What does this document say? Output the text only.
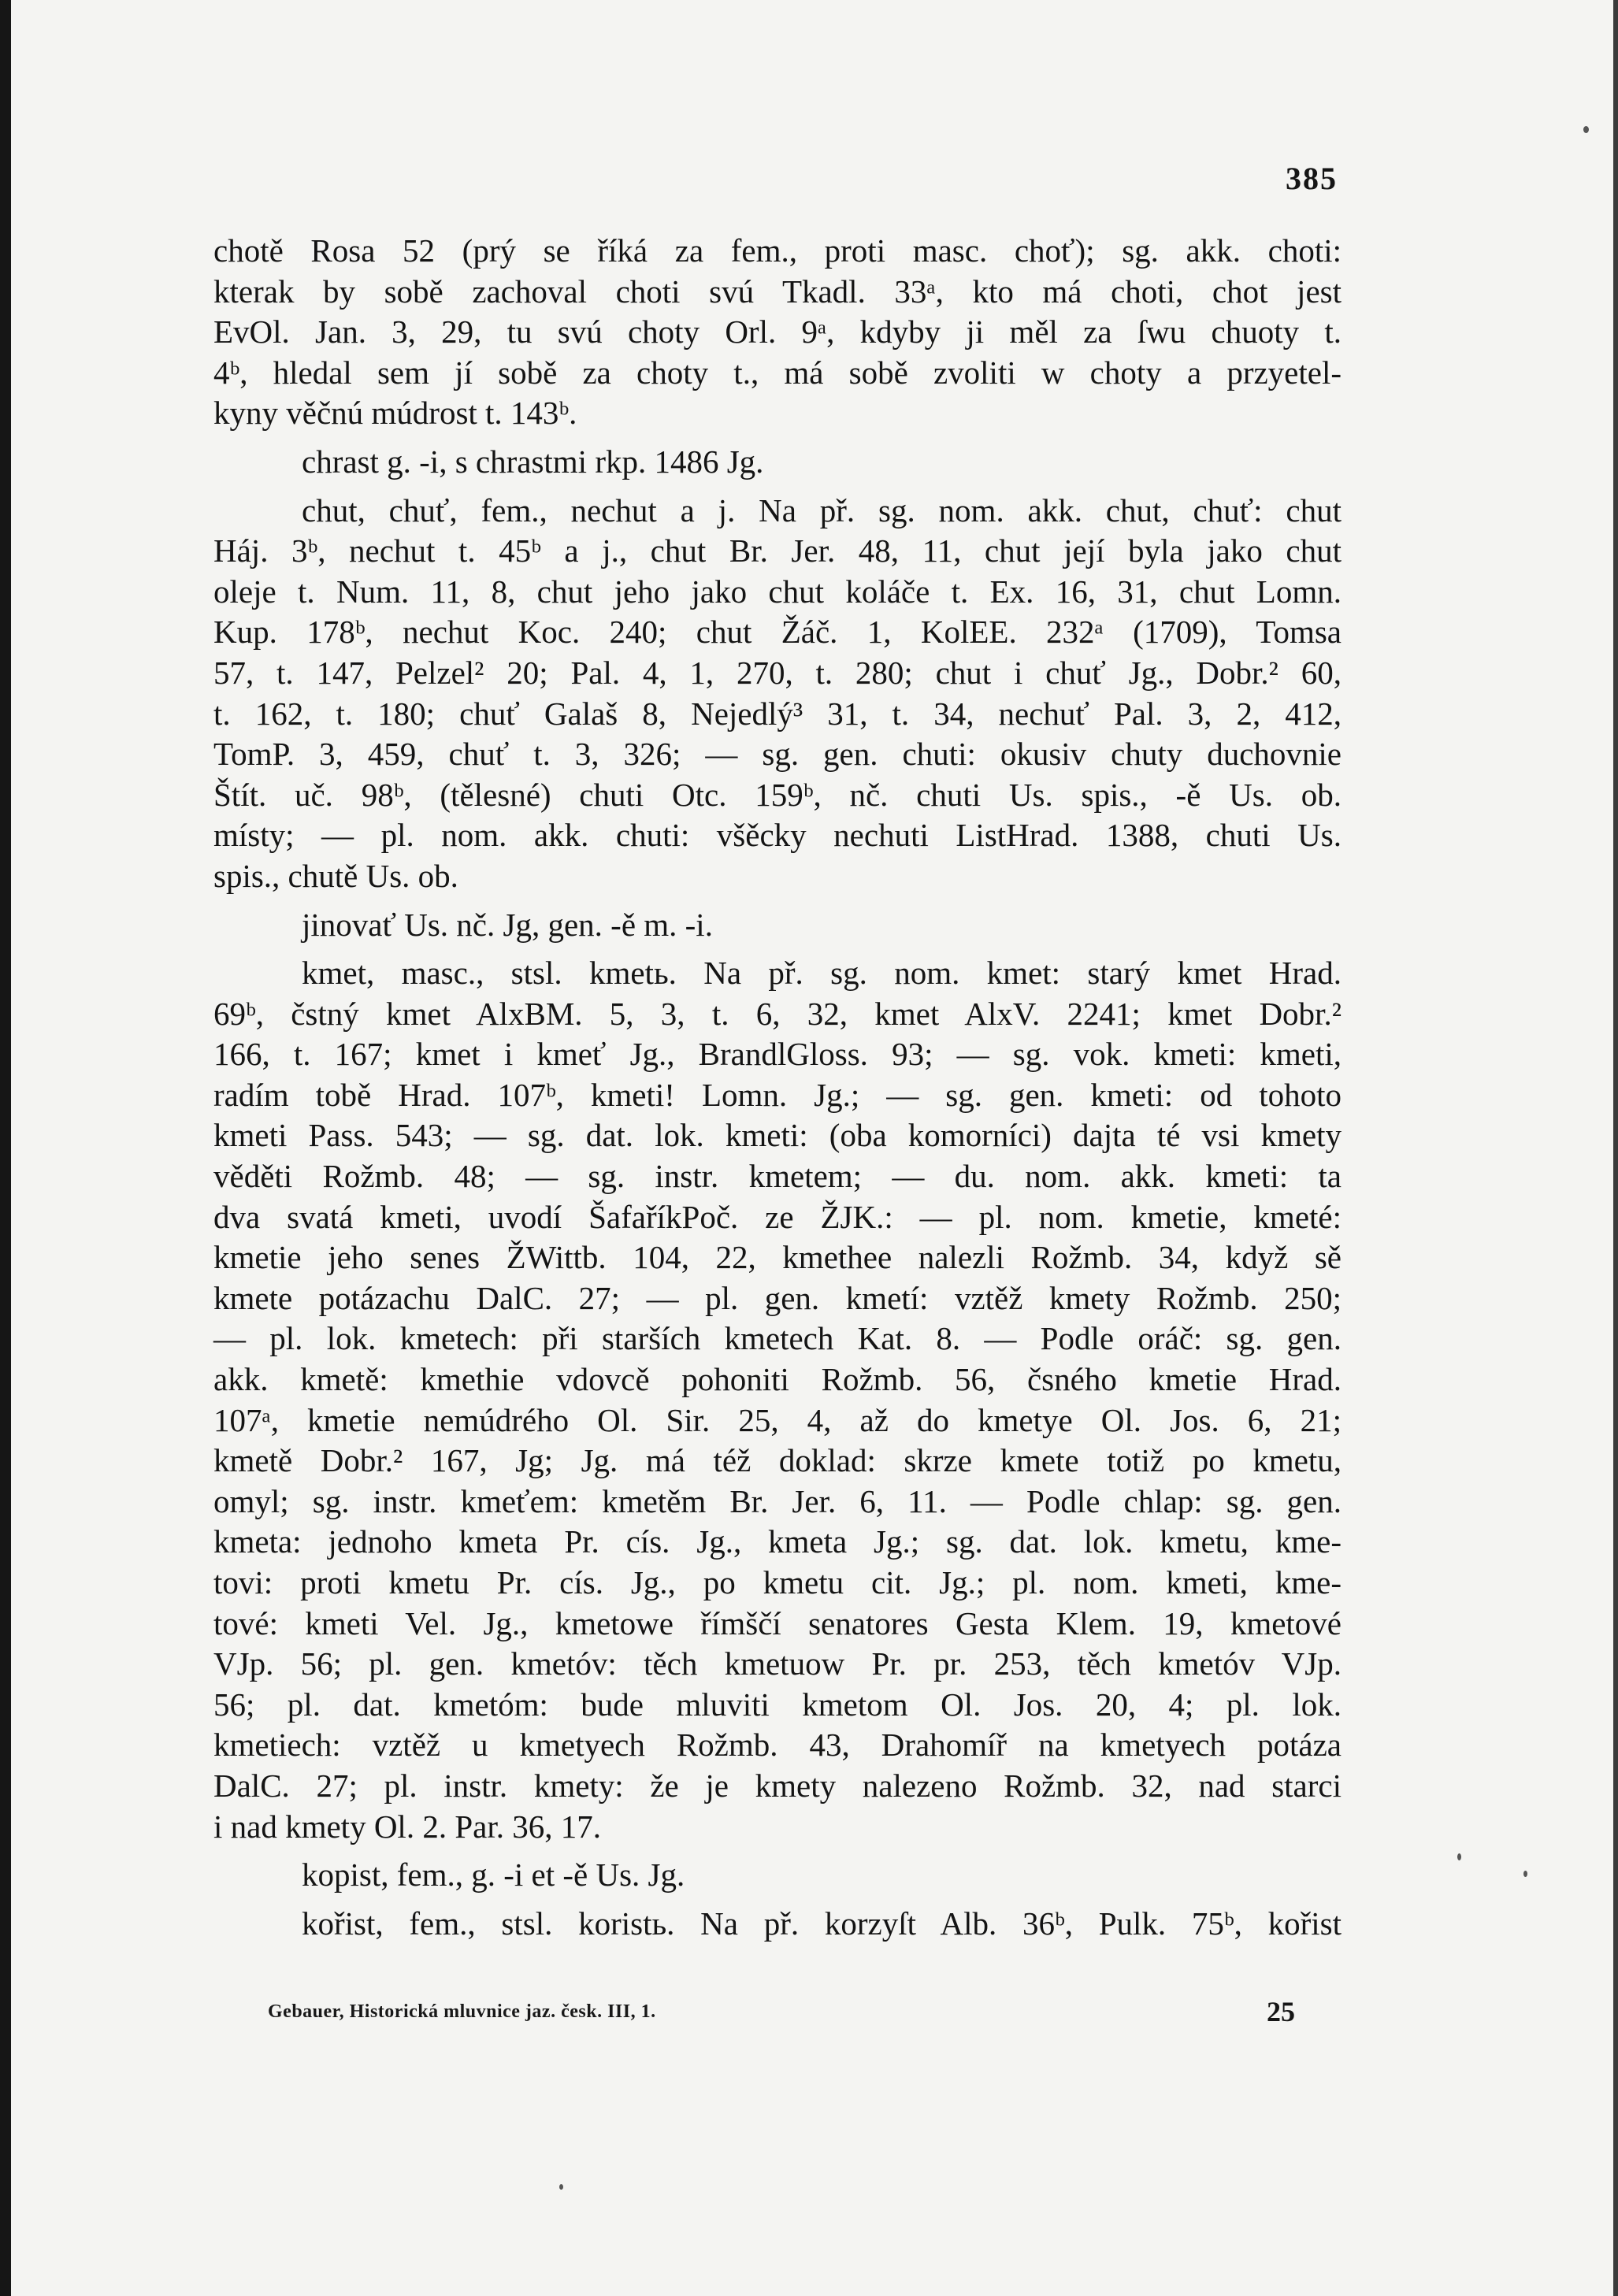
385
chotě Rosa 52 (prý se říká za fem., proti masc. choť); sg. akk. choti:
kterak by sobě zachoval choti svú Tkadl. 33ᵃ, kto má choti, chot jest
EvOl. Jan. 3, 29, tu svú choty Orl. 9ᵃ, kdyby ji měl za ſwu chuoty t.
4ᵇ, hledal sem jí sobě za choty t., má sobě zvoliti w choty a przyetel-
kyny věčnú múdrost t. 143ᵇ.
chrast g. -i, s chrastmi rkp. 1486 Jg.
chut, chuť, fem., nechut a j. Na př. sg. nom. akk. chut, chuť: chut
Háj. 3ᵇ, nechut t. 45ᵇ a j., chut Br. Jer. 48, 11, chut její byla jako chut
oleje t. Num. 11, 8, chut jeho jako chut koláče t. Ex. 16, 31, chut Lomn.
Kup. 178ᵇ, nechut Koc. 240; chut Žáč. 1, KolEE. 232ᵃ (1709), Tomsa
57, t. 147, Pelzel² 20; Pal. 4, 1, 270, t. 280; chut i chuť Jg., Dobr.² 60,
t. 162, t. 180; chuť Galaš 8, Nejedlý³ 31, t. 34, nechuť Pal. 3, 2, 412,
TomP. 3, 459, chuť t. 3, 326; — sg. gen. chuti: okusiv chuty duchovnie
Štít. uč. 98ᵇ, (tělesné) chuti Otc. 159ᵇ, nč. chuti Us. spis., -ě Us. ob.
místy; — pl. nom. akk. chuti: všěcky nechuti ListHrad. 1388, chuti Us.
spis., chutě Us. ob.
jinovať Us. nč. Jg, gen. -ě m. -i.
kmet, masc., stsl. kmetь. Na př. sg. nom. kmet: starý kmet Hrad.
69ᵇ, čstný kmet AlxBM. 5, 3, t. 6, 32, kmet AlxV. 2241; kmet Dobr.²
166, t. 167; kmet i kmeť Jg., BrandlGloss. 93; — sg. vok. kmeti: kmeti,
radím tobě Hrad. 107ᵇ, kmeti! Lomn. Jg.; — sg. gen. kmeti: od tohoto
kmeti Pass. 543; — sg. dat. lok. kmeti: (oba komorníci) dajta té vsi kmety
věděti Rožmb. 48; — sg. instr. kmetem; — du. nom. akk. kmeti: ta
dva svatá kmeti, uvodí ŠafaříkPoč. ze ŽJK.: — pl. nom. kmetie, kmeté:
kmetie jeho senes ŽWittb. 104, 22, kmethee nalezli Rožmb. 34, když sě
kmete potázachu DalC. 27; — pl. gen. kmetí: vztěž kmety Rožmb. 250;
— pl. lok. kmetech: při starších kmetech Kat. 8. — Podle oráč: sg. gen.
akk. kmetě: kmethie vdovcě pohoniti Rožmb. 56, čsného kmetie Hrad.
107ᵃ, kmetie nemúdrého Ol. Sir. 25, 4, až do kmetye Ol. Jos. 6, 21;
kmetě Dobr.² 167, Jg; Jg. má též doklad: skrze kmete totiž po kmetu,
omyl; sg. instr. kmeťem: kmetěm Br. Jer. 6, 11. — Podle chlap: sg. gen.
kmeta: jednoho kmeta Pr. cís. Jg., kmeta Jg.; sg. dat. lok. kmetu, kme-
tovi: proti kmetu Pr. cís. Jg., po kmetu cit. Jg.; pl. nom. kmeti, kme-
tové: kmeti Vel. Jg., kmetowe římščí senatores Gesta Klem. 19, kmetové
VJp. 56; pl. gen. kmetóv: těch kmetuow Pr. pr. 253, těch kmetóv VJp.
56; pl. dat. kmetóm: bude mluviti kmetom Ol. Jos. 20, 4; pl. lok.
kmetiech: vztěž u kmetyech Rožmb. 43, Drahomíř na kmetyech potáza
DalC. 27; pl. instr. kmety: že je kmety nalezeno Rožmb. 32, nad starci
i nad kmety Ol. 2. Par. 36, 17.
kopist, fem., g. -i et -ě Us. Jg.
kořist, fem., stsl. koristь. Na př. korzyſt Alb. 36ᵇ, Pulk. 75ᵇ, kořist
Gebauer, Historická mluvnice jaz. česk. III, 1.	25
